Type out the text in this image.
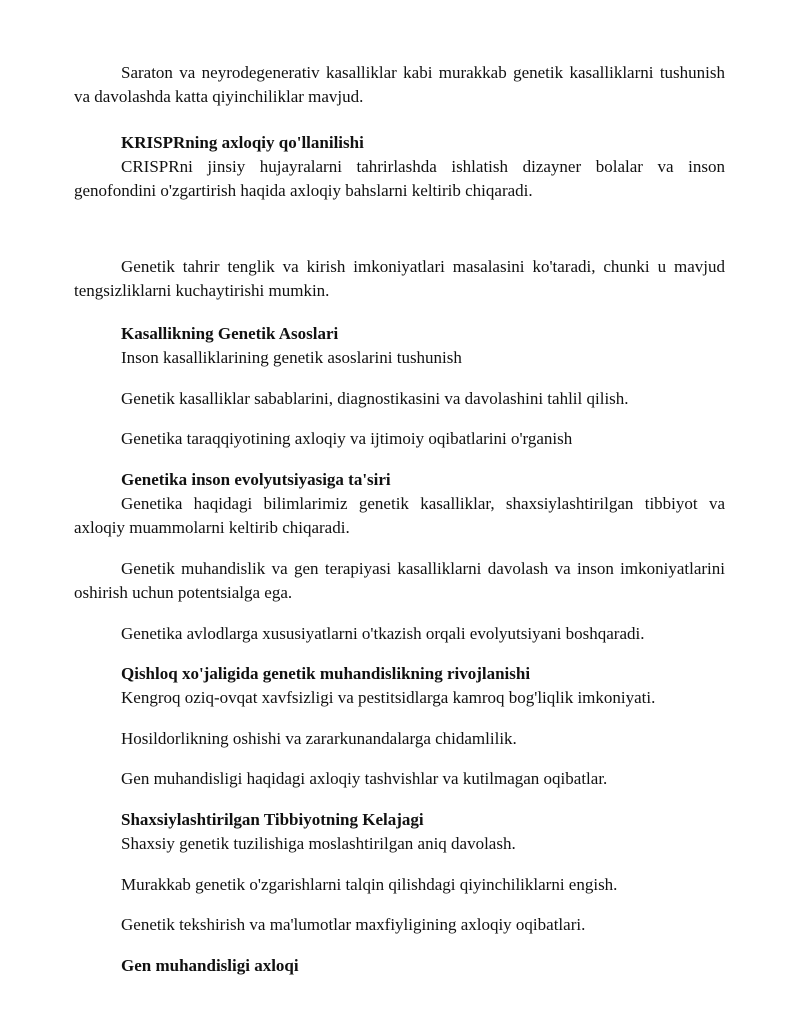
Saraton va neyrodegenerativ kasalliklar kabi murakkab genetik kasalliklarni tushunish va davolashda katta qiyinchiliklar mavjud.

KRISPRning axloqiy qo'llanilishi

CRISPRni jinsiy hujayralarni tahrirlashda ishlatish dizayner bolalar va inson genofondini o'zgartirish haqida axloqiy bahslarni keltirib chiqaradi.

Genetik tahrir tenglik va kirish imkoniyatlari masalasini ko'taradi, chunki u mavjud tengsizliklarni kuchaytirishi mumkin.

Kasallikning Genetik Asoslari

Inson kasalliklarining genetik asoslarini tushunish

Genetik kasalliklar sabablarini, diagnostikasini va davolashini tahlil qilish.

Genetika taraqqiyotining axloqiy va ijtimoiy oqibatlarini o'rganish

Genetika inson evolyutsiyasiga ta'siri

Genetika haqidagi bilimlarimiz genetik kasalliklar, shaxsiylashtirilgan tibbiyot va axloqiy muammolarni keltirib chiqaradi.

Genetik muhandislik va gen terapiyasi kasalliklarni davolash va inson imkoniyatlarini oshirish uchun potentsialga ega.

Genetika avlodlarga xususiyatlarni o'tkazish orqali evolyutsiyani boshqaradi.

Qishloq xo'jaligida genetik muhandislikning rivojlanishi

Kengroq oziq-ovqat xavfsizligi va pestitsidlarga kamroq bog'liqlik imkoniyati.

Hosildorlikning oshishi va zararkunandalarga chidamlilik.

Gen muhandisligi haqidagi axloqiy tashvishlar va kutilmagan oqibatlar.

Shaxsiylashtirilgan Tibbiyotning Kelajagi

Shaxsiy genetik tuzilishiga moslashtirilgan aniq davolash.

Murakkab genetik o'zgarishlarni talqin qilishdagi qiyinchiliklarni engish.

Genetik tekshirish va ma'lumotlar maxfiyligining axloqiy oqibatlari.

Gen muhandisligi axloqi
